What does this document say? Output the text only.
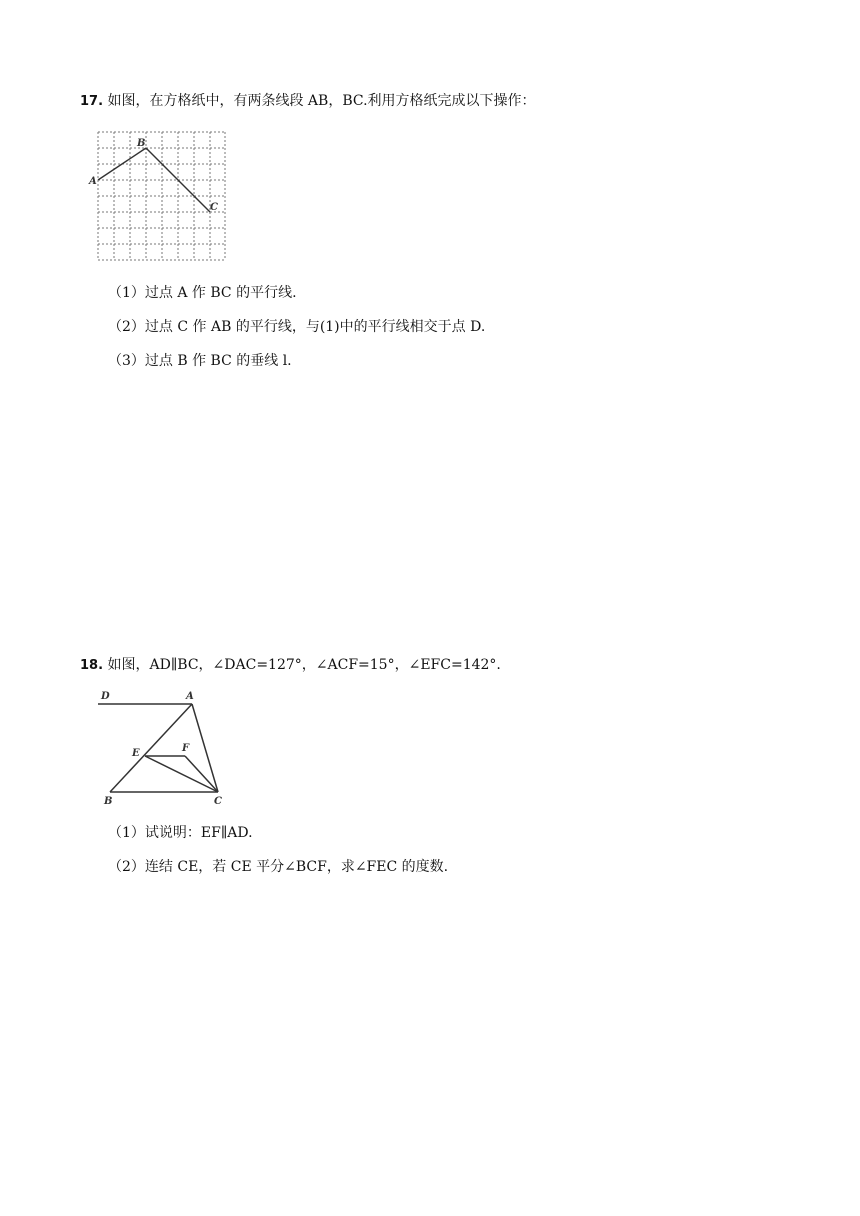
17. 如图，在方格纸中，有两条线段 AB，BC.利用方格纸完成以下操作：
A
B
C
（1）过点 A 作 BC 的平行线.
（2）过点 C 作 AB 的平行线，与(1)中的平行线相交于点 D.
（3）过点 B 作 BC 的垂线 l.
18. 如图，AD∥BC，∠DAC=127°，∠ACF=15°，∠EFC=142°.
D	A
E	F
B	C
（1）试说明：EF∥AD.
（2）连结 CE，若 CE 平分∠BCF，求∠FEC 的度数.
